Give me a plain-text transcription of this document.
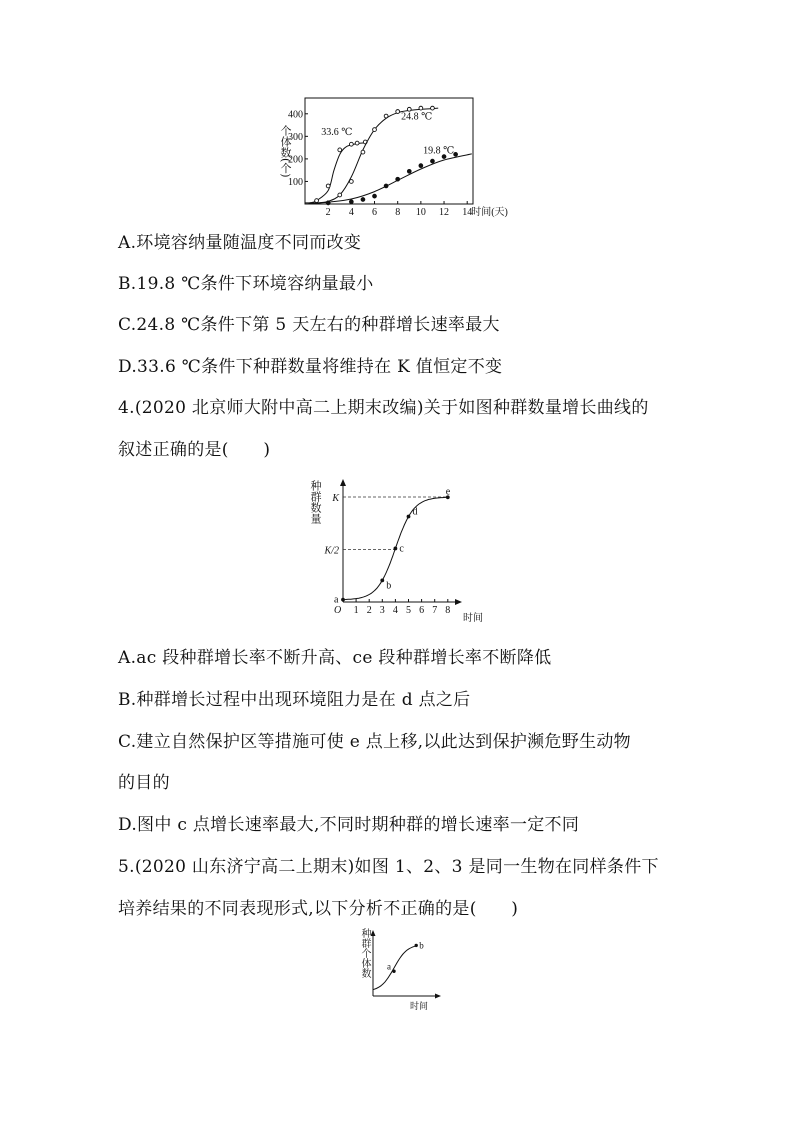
个体数(个)
100
200
300
400
2 4 6 8 10 12 14 时间(天)
33.6 ℃
24.8 ℃
19.8 ℃
A.环境容纳量随温度不同而改变
B.19.8 ℃条件下环境容纳量最小
C.24.8 ℃条件下第 5 天左右的种群增长速率最大
D.33.6 ℃条件下种群数量将维持在 K 值恒定不变
4.(2020 北京师大附中高二上期末改编)关于如图种群数量增长曲线的
叙述正确的是(　　)
种群数量
O 1 2 3 4 5 6 7 8
时间
K
K/2
a
b
c
d
e
A.ac 段种群增长率不断升高、ce 段种群增长率不断降低
B.种群增长过程中出现环境阻力是在 d 点之后
C.建立自然保护区等措施可使 e 点上移,以此达到保护濒危野生动物
的目的
D.图中 c 点增长速率最大,不同时期种群的增长速率一定不同
5.(2020 山东济宁高二上期末)如图 1、2、3 是同一生物在同样条件下
培养结果的不同表现形式,以下分析不正确的是(　　)
种群个体数
时间
a
b
